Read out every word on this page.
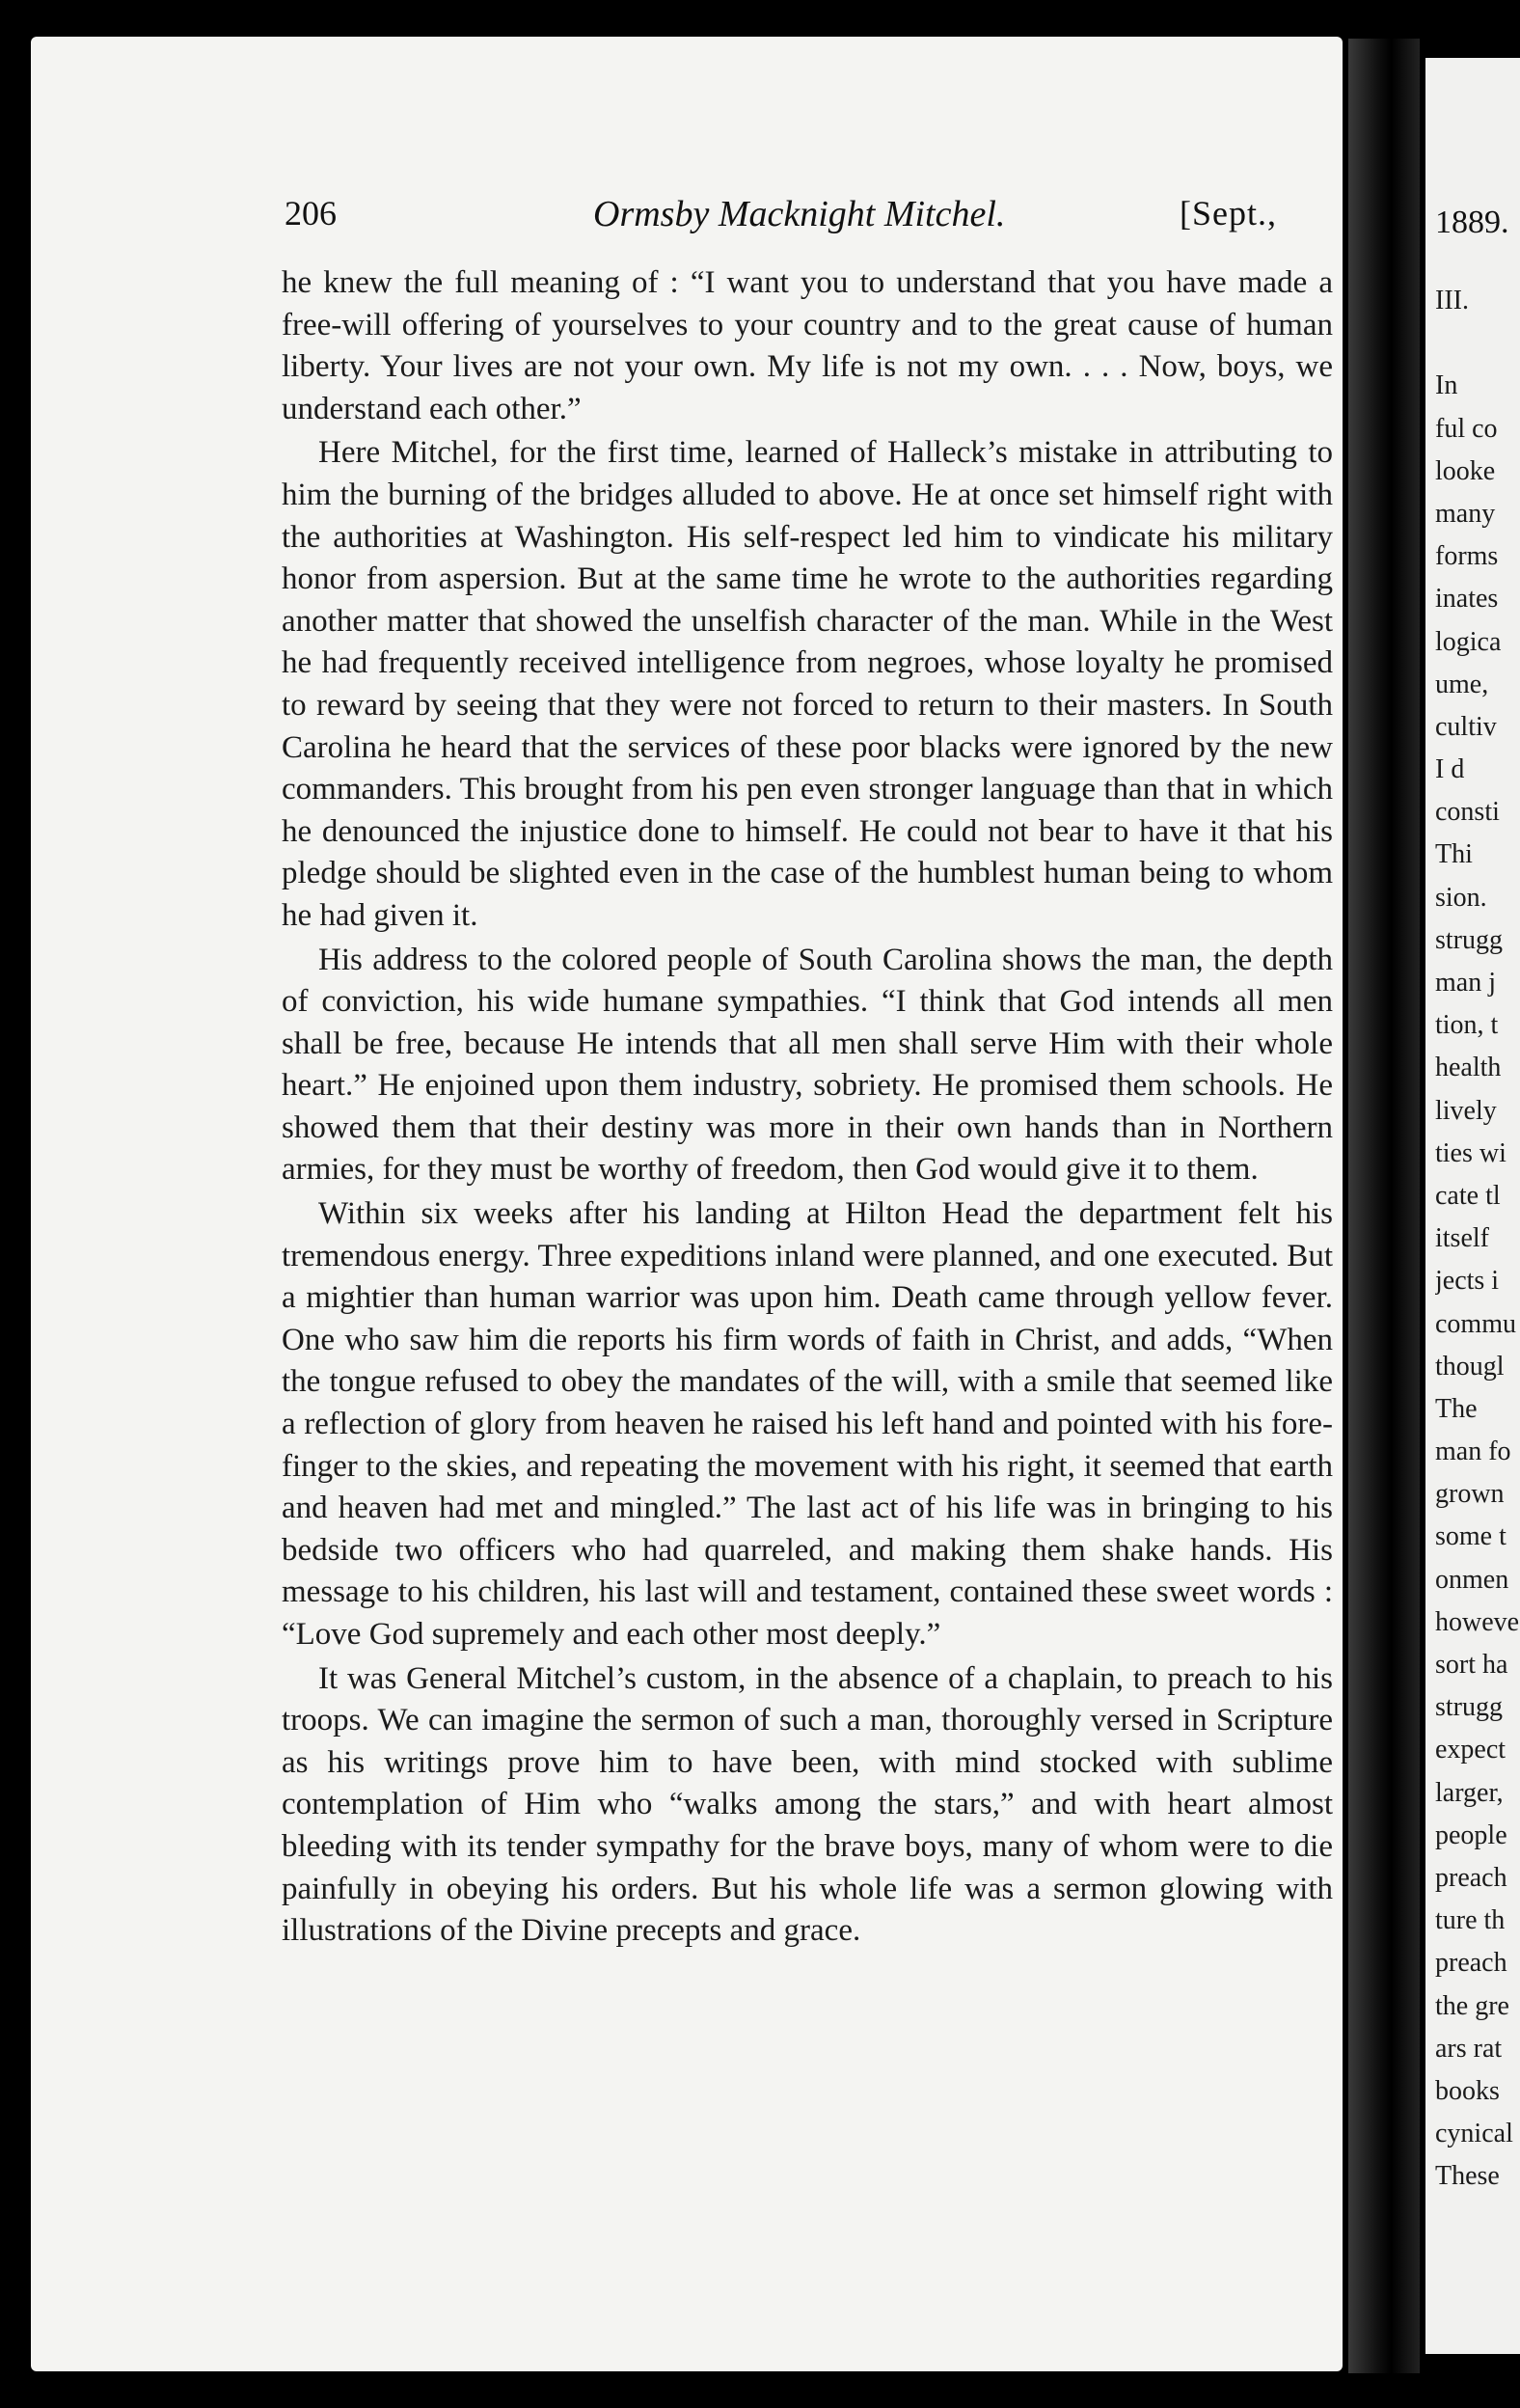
206	Ormsby Macknight Mitchel.	[Sept.,

he knew the full meaning of : “I want you to understand that you have made a free-will offering of yourselves to your country and to the great cause of human liberty. Your lives are not your own. My life is not my own. . . . Now, boys, we understand each other.”

Here Mitchel, for the first time, learned of Halleck’s mistake in attributing to him the burning of the bridges alluded to above. He at once set himself right with the authorities at Washington. His self-respect led him to vindicate his military honor from aspersion. But at the same time he wrote to the authorities regarding another matter that showed the unselfish character of the man. While in the West he had frequently received intelligence from negroes, whose loyalty he promised to reward by seeing that they were not forced to return to their masters. In South Carolina he heard that the services of these poor blacks were ignored by the new commanders. This brought from his pen even stronger language than that in which he denounced the injustice done to himself. He could not bear to have it that his pledge should be slighted even in the case of the humblest human being to whom he had given it.

His address to the colored people of South Carolina shows the man, the depth of conviction, his wide humane sympathies. “I think that God intends all men shall be free, because He intends that all men shall serve Him with their whole heart.” He enjoined upon them industry, sobriety. He promised them schools. He showed them that their destiny was more in their own hands than in Northern armies, for they must be worthy of freedom, then God would give it to them.

Within six weeks after his landing at Hilton Head the department felt his tremendous energy. Three expeditions inland were planned, and one executed. But a mightier than human warrior was upon him. Death came through yellow fever. One who saw him die reports his firm words of faith in Christ, and adds, “When the tongue refused to obey the mandates of the will, with a smile that seemed like a reflection of glory from heaven he raised his left hand and pointed with his fore-finger to the skies, and repeating the movement with his right, it seemed that earth and heaven had met and mingled.” The last act of his life was in bringing to his bedside two officers who had quarreled, and making them shake hands. His message to his children, his last will and testament, contained these sweet words : “Love God supremely and each other most deeply.”

It was General Mitchel’s custom, in the absence of a chaplain, to preach to his troops. We can imagine the sermon of such a man, thoroughly versed in Scripture as his writings prove him to have been, with mind stocked with sublime contemplation of Him who “walks among the stars,” and with heart almost bleeding with its tender sympathy for the brave boys, many of whom were to die painfully in obeying his orders. But his whole life was a sermon glowing with illustrations of the Divine precepts and grace.

1889.
III.
In
ful co
looke
many
forms
inates
logica
ume,
cultiv
I d
consti
Thi
sion.
strugg
man j
tion, t
health
lively
ties wi
cate tl
itself
jects i
commu
thougl
The
man fo
grown
some t
onmen
howeve
sort ha
strugg
expect
larger,
people
preach
ture th
preach
the gre
ars rat
books
cynical
These
